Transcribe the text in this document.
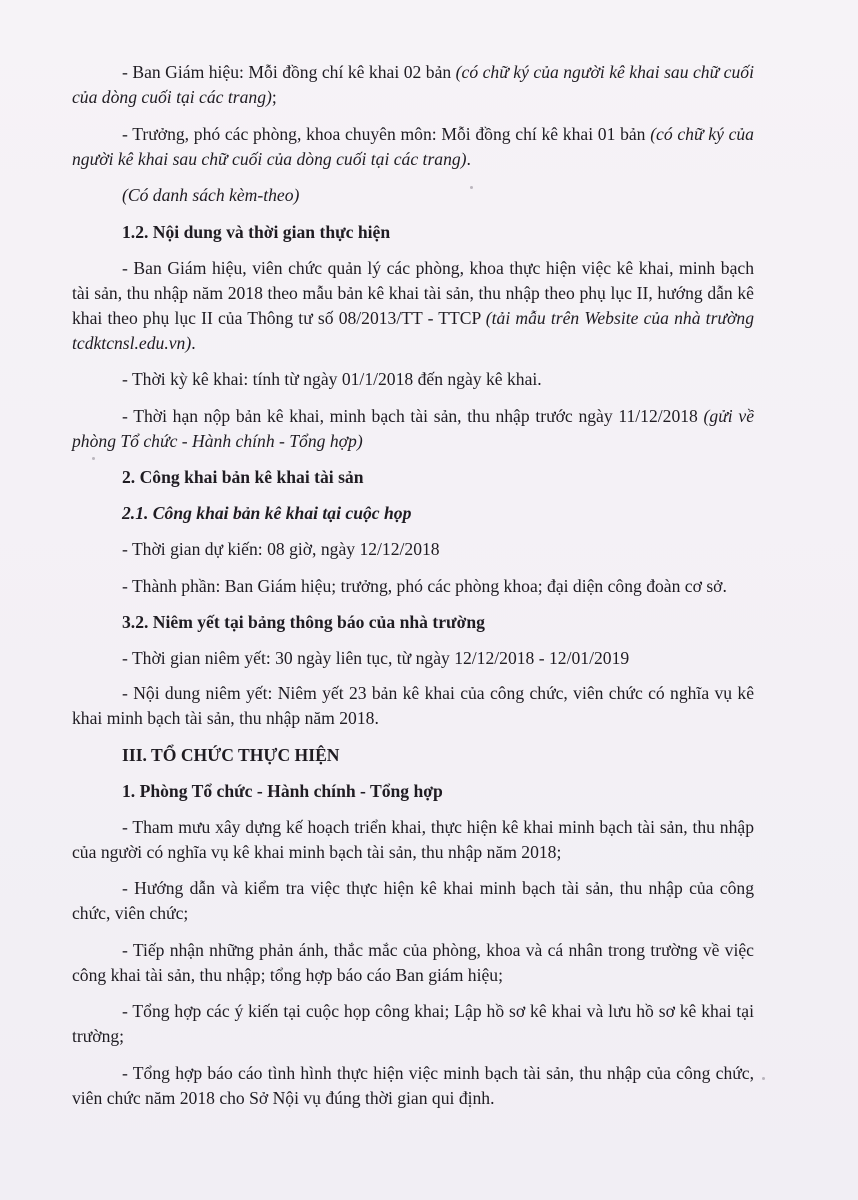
- Ban Giám hiệu: Mỗi đồng chí kê khai 02 bản (có chữ ký của người kê khai sau chữ cuối của dòng cuối tại các trang);

- Trưởng, phó các phòng, khoa chuyên môn: Mỗi đồng chí kê khai 01 bản (có chữ ký của người kê khai sau chữ cuối của dòng cuối tại các trang).

(Có danh sách kèm-theo)

1.2. Nội dung và thời gian thực hiện

- Ban Giám hiệu, viên chức quản lý các phòng, khoa thực hiện việc kê khai, minh bạch tài sản, thu nhập năm 2018 theo mẫu bản kê khai tài sản, thu nhập theo phụ lục II, hướng dẫn kê khai theo phụ lục II của Thông tư số 08/2013/TT - TTCP (tải mẫu trên Website của nhà trường tcdktcnsl.edu.vn).

- Thời kỳ kê khai: tính từ ngày 01/1/2018 đến ngày kê khai.

- Thời hạn nộp bản kê khai, minh bạch tài sản, thu nhập trước ngày 11/12/2018 (gửi về phòng Tổ chức - Hành chính - Tổng hợp)

2. Công khai bản kê khai tài sản

2.1. Công khai bản kê khai tại cuộc họp

- Thời gian dự kiến: 08 giờ, ngày 12/12/2018

- Thành phần: Ban Giám hiệu; trưởng, phó các phòng khoa; đại diện công đoàn cơ sở.

3.2. Niêm yết tại bảng thông báo của nhà trường

- Thời gian niêm yết: 30 ngày liên tục, từ ngày 12/12/2018 - 12/01/2019

- Nội dung niêm yết: Niêm yết 23 bản kê khai của công chức, viên chức có nghĩa vụ kê khai minh bạch tài sản, thu nhập năm 2018.

III. TỔ CHỨC THỰC HIỆN

1. Phòng Tổ chức - Hành chính - Tổng hợp

- Tham mưu xây dựng kế hoạch triển khai, thực hiện kê khai minh bạch tài sản, thu nhập của người có nghĩa vụ kê khai minh bạch tài sản, thu nhập năm 2018;

- Hướng dẫn và kiểm tra việc thực hiện kê khai minh bạch tài sản, thu nhập của công chức, viên chức;

- Tiếp nhận những phản ánh, thắc mắc của phòng, khoa và cá nhân trong trường về việc công khai tài sản, thu nhập; tổng hợp báo cáo Ban giám hiệu;

- Tổng hợp các ý kiến tại cuộc họp công khai; Lập hồ sơ kê khai và lưu hồ sơ kê khai tại trường;

- Tổng hợp báo cáo tình hình thực hiện việc minh bạch tài sản, thu nhập của công chức, viên chức năm 2018 cho Sở Nội vụ đúng thời gian qui định.
